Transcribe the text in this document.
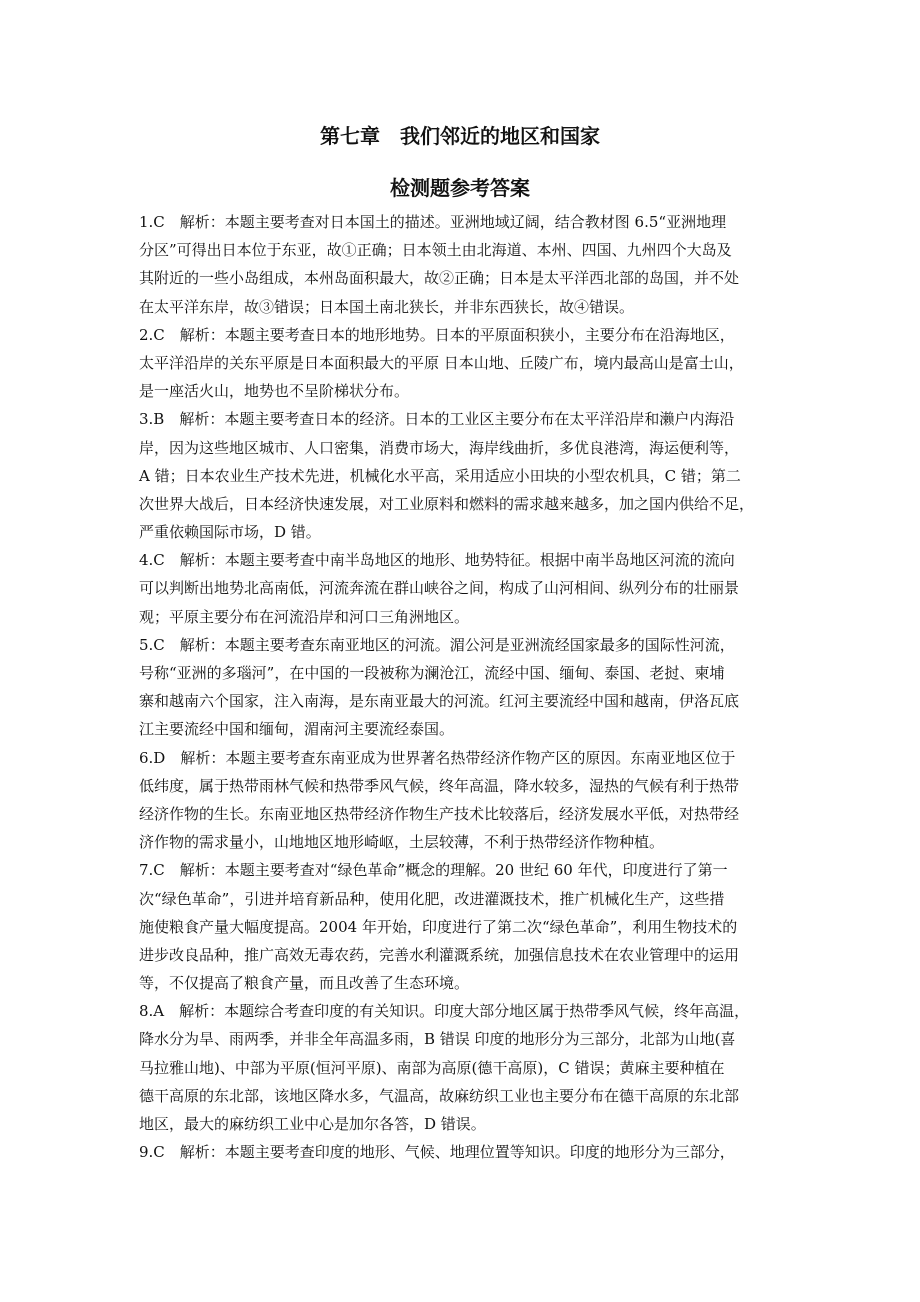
第七章　我们邻近的地区和国家
检测题参考答案
1.C　解析：本题主要考查对日本国土的描述。亚洲地域辽阔，结合教材图 6.5“亚洲地理
分区”可得出日本位于东亚，故①正确；日本领土由北海道、本州、四国、九州四个大岛及
其附近的一些小岛组成，本州岛面积最大，故②正确；日本是太平洋西北部的岛国，并不处
在太平洋东岸，故③错误；日本国土南北狭长，并非东西狭长，故④错误。
2.C　解析：本题主要考查日本的地形地势。日本的平原面积狭小，主要分布在沿海地区，
太平洋沿岸的关东平原是日本面积最大的平原 日本山地、丘陵广布，境内最高山是富士山，
是一座活火山，地势也不呈阶梯状分布。
3.B　解析：本题主要考查日本的经济。日本的工业区主要分布在太平洋沿岸和濑户内海沿
岸，因为这些地区城市、人口密集，消费市场大，海岸线曲折，多优良港湾，海运便利等，
A 错；日本农业生产技术先进，机械化水平高，采用适应小田块的小型农机具，C 错；第二
次世界大战后，日本经济快速发展，对工业原料和燃料的需求越来越多，加之国内供给不足，
严重依赖国际市场，D 错。
4.C　解析：本题主要考查中南半岛地区的地形、地势特征。根据中南半岛地区河流的流向
可以判断出地势北高南低，河流奔流在群山峡谷之间，构成了山河相间、纵列分布的壮丽景
观；平原主要分布在河流沿岸和河口三角洲地区。
5.C　解析：本题主要考查东南亚地区的河流。湄公河是亚洲流经国家最多的国际性河流，
号称“亚洲的多瑙河”，在中国的一段被称为澜沧江，流经中国、缅甸、泰国、老挝、柬埔
寨和越南六个国家，注入南海，是东南亚最大的河流。红河主要流经中国和越南，伊洛瓦底
江主要流经中国和缅甸，湄南河主要流经泰国。
6.D　解析：本题主要考查东南亚成为世界著名热带经济作物产区的原因。东南亚地区位于
低纬度，属于热带雨林气候和热带季风气候，终年高温，降水较多，湿热的气候有利于热带
经济作物的生长。东南亚地区热带经济作物生产技术比较落后，经济发展水平低，对热带经
济作物的需求量小，山地地区地形崎岖，土层较薄，不利于热带经济作物种植。
7.C　解析：本题主要考查对“绿色革命”概念的理解。20 世纪 60 年代，印度进行了第一
次“绿色革命”，引进并培育新品种，使用化肥，改进灌溉技术，推广机械化生产，这些措
施使粮食产量大幅度提高。2004 年开始，印度进行了第二次“绿色革命”，利用生物技术的
进步改良品种，推广高效无毒农药，完善水利灌溉系统，加强信息技术在农业管理中的运用
等，不仅提高了粮食产量，而且改善了生态环境。
8.A　解析：本题综合考查印度的有关知识。印度大部分地区属于热带季风气候，终年高温，
降水分为旱、雨两季，并非全年高温多雨，B 错误 印度的地形分为三部分，北部为山地(喜
马拉雅山地)、中部为平原(恒河平原)、南部为高原(德干高原)，C 错误；黄麻主要种植在
德干高原的东北部，该地区降水多，气温高，故麻纺织工业也主要分布在德干高原的东北部
地区，最大的麻纺织工业中心是加尔各答，D 错误。
9.C　解析：本题主要考查印度的地形、气候、地理位置等知识。印度的地形分为三部分，
